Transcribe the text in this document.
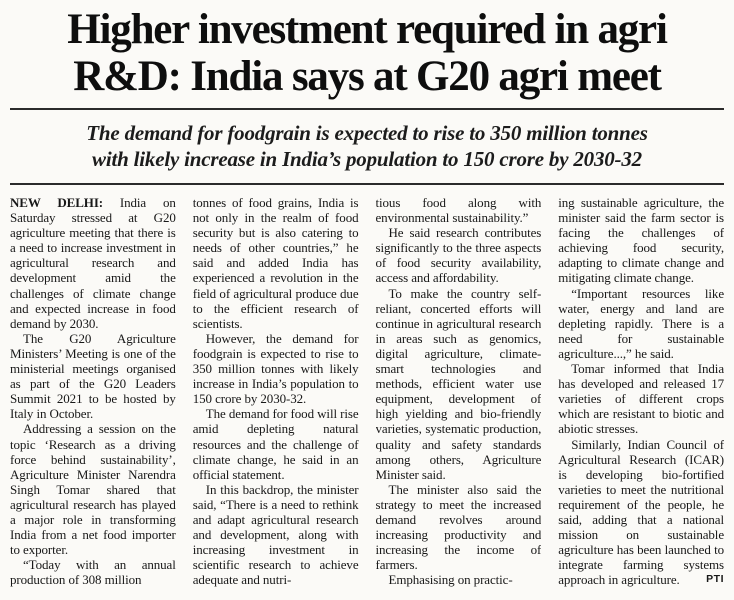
Higher investment required in agri
R&D: India says at G20 agri meet
The demand for foodgrain is expected to rise to 350 million tonnes
with likely increase in India’s population to 150 crore by 2030-32

NEW DELHI: India on Saturday stressed at G20 agriculture meeting that there is a need to increase investment in agricultural research and development amid the challenges of climate change and expected increase in food demand by 2030.

The G20 Agriculture Ministers’ Meeting is one of the ministerial meetings organised as part of the G20 Leaders Summit 2021 to be hosted by Italy in October.

Addressing a session on the topic ‘Research as a driving force behind sustainability’, Agriculture Minister Narendra Singh Tomar shared that agricultural research has played a major role in transforming India from a net food importer to exporter.

“Today with an annual production of 308 million

tonnes of food grains, India is not only in the realm of food security but is also catering to needs of other countries,” he said and added India has experienced a revolution in the field of agricultural produce due to the efficient research of scientists.

However, the demand for foodgrain is expected to rise to 350 million tonnes with likely increase in India’s population to 150 crore by 2030-32.

The demand for food will rise amid depleting natural resources and the challenge of climate change, he said in an official statement.

In this backdrop, the minister said, “There is a need to rethink and adapt agricultural research and development, along with increasing investment in scientific research to achieve adequate and nutri-

tious food along with environmental sustainability.”

He said research contributes significantly to the three aspects of food security availability, access and affordability.

To make the country self-reliant, concerted efforts will continue in agricultural research in areas such as genomics, digital agriculture, climate-smart technologies and methods, efficient water use equipment, development of high yielding and bio-friendly varieties, systematic production, quality and safety standards among others, Agriculture Minister said.

The minister also said the strategy to meet the increased demand revolves around increasing productivity and increasing the income of farmers.

Emphasising on practic-

ing sustainable agriculture, the minister said the farm sector is facing the challenges of achieving food security, adapting to climate change and mitigating climate change.

“Important resources like water, energy and land are depleting rapidly. There is a need for sustainable agriculture...,” he said.

Tomar informed that India has developed and released 17 varieties of different crops which are resistant to biotic and abiotic stresses.

Similarly, Indian Council of Agricultural Research (ICAR) is developing bio-fortified varieties to meet the nutritional requirement of the people, he said, adding that a national mission on sustainable agriculture has been launched to integrate farming systems approach in agriculture.	PTI
